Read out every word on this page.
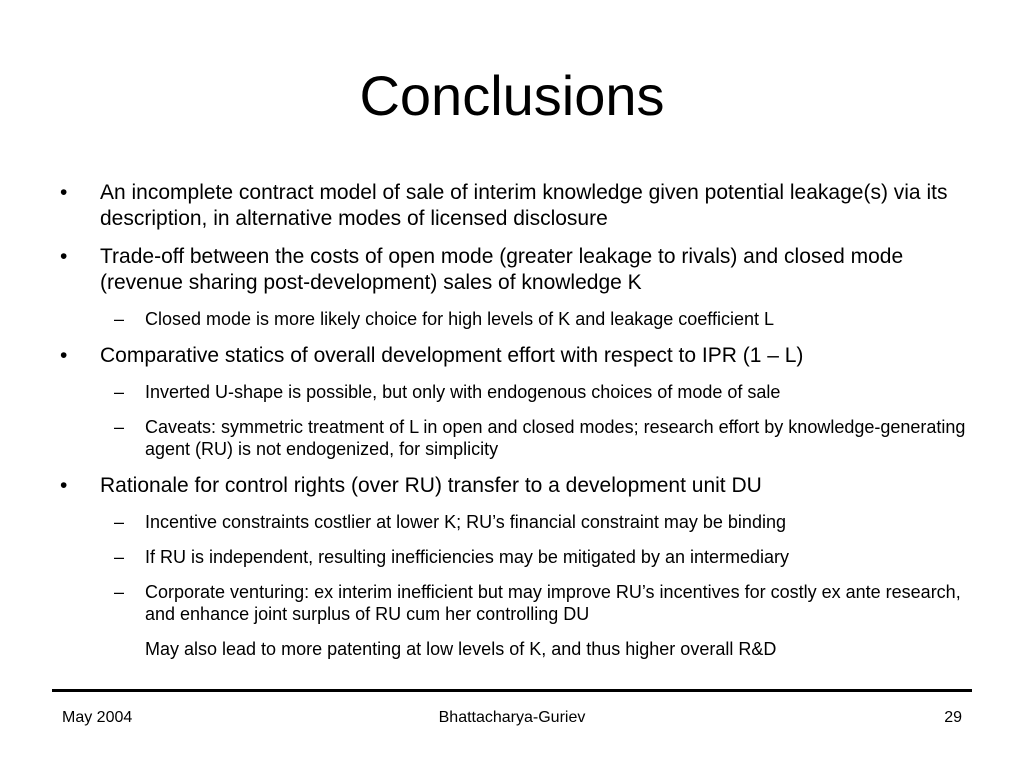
Conclusions
• An incomplete contract model of sale of interim knowledge given potential leakage(s) via its description, in alternative modes of licensed disclosure
• Trade-off between the costs of open mode (greater leakage to rivals) and closed mode (revenue sharing post-development) sales of knowledge K
– Closed mode is more likely choice for high levels of K and leakage coefficient L
• Comparative statics of overall development effort with respect to IPR (1 – L)
– Inverted U-shape is possible, but only with endogenous choices of mode of sale
– Caveats: symmetric treatment of L in open and closed modes; research effort by knowledge-generating agent (RU) is not endogenized, for simplicity
• Rationale for control rights (over RU) transfer to a development unit DU
– Incentive constraints costlier at lower K; RU’s financial constraint may be binding
– If RU is independent, resulting inefficiencies may be mitigated by an intermediary
– Corporate venturing: ex interim inefficient but may improve RU’s incentives for costly ex ante research, and enhance joint surplus of RU cum her controlling DU
May also lead to more patenting at low levels of K, and thus higher overall R&D
May 2004	Bhattacharya-Guriev	29
